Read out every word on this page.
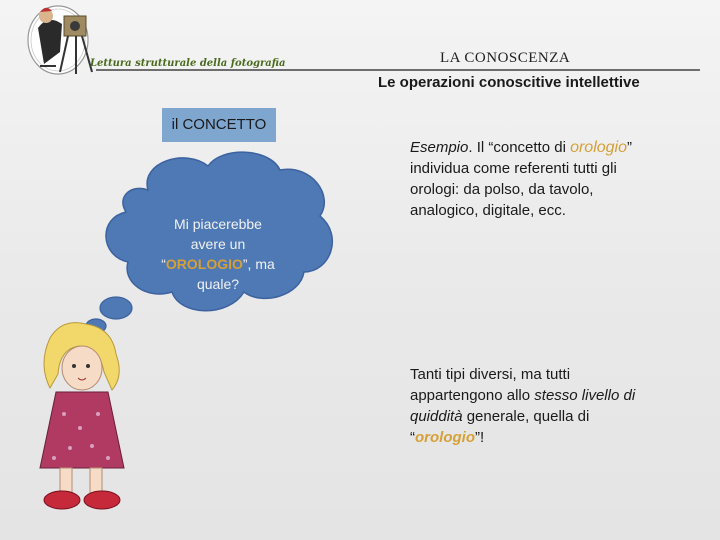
Lettura strutturale della fotografia	LA CONOSCENZA
il CONCETTO
Mi piacerebbe
avere un
“OROLOGIO”, ma
quale?
Le operazioni conoscitive intellettive
Esempio. Il “concetto di orologio” individua come referenti tutti gli orologi: da polso, da tavolo, analogico, digitale, ecc.
Tanti tipi diversi, ma tutti appartengono allo stesso livello di quiddità generale, quella di “orologio”!
